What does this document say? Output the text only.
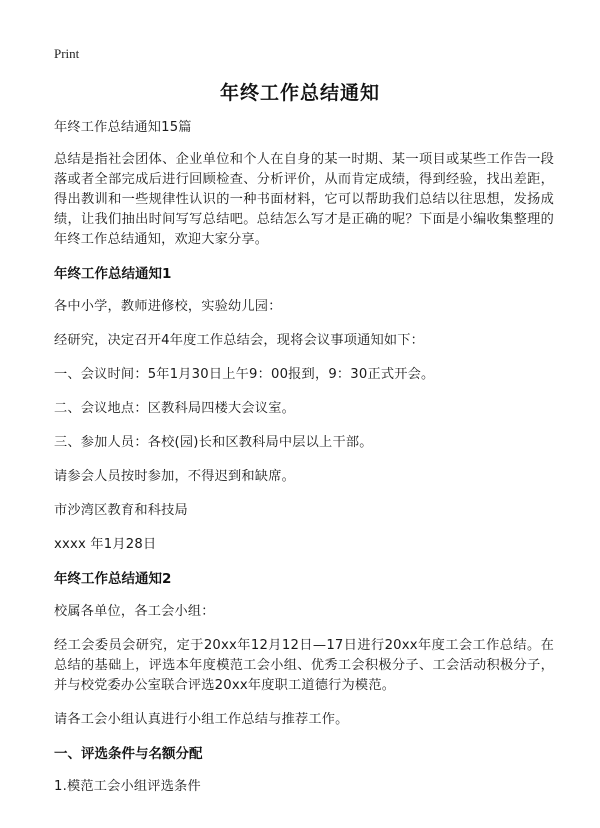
Print
年终工作总结通知

年终工作总结通知15篇

总结是指社会团体、企业单位和个人在自身的某一时期、某一项目或某些工作告一段落或者全部完成后进行回顾检查、分析评价，从而肯定成绩，得到经验，找出差距，得出教训和一些规律性认识的一种书面材料，它可以帮助我们总结以往思想，发扬成绩，让我们抽出时间写写总结吧。总结怎么写才是正确的呢？下面是小编收集整理的年终工作总结通知，欢迎大家分享。

年终工作总结通知1

各中小学，教师进修校，实验幼儿园：

经研究，决定召开4年度工作总结会，现将会议事项通知如下：

一、会议时间：5年1月30日上午9：00报到，9：30正式开会。

二、会议地点：区教科局四楼大会议室。

三、参加人员：各校(园)长和区教科局中层以上干部。

请参会人员按时参加，不得迟到和缺席。

市沙湾区教育和科技局

xxxx 年1月28日

年终工作总结通知2

校属各单位，各工会小组：

经工会委员会研究，定于20xx年12月12日—17日进行20xx年度工会工作总结。在总结的基础上，评选本年度模范工会小组、优秀工会积极分子、工会活动积极分子，并与校党委办公室联合评选20xx年度职工道德行为模范。

请各工会小组认真进行小组工作总结与推荐工作。

一、评选条件与名额分配

1.模范工会小组评选条件
